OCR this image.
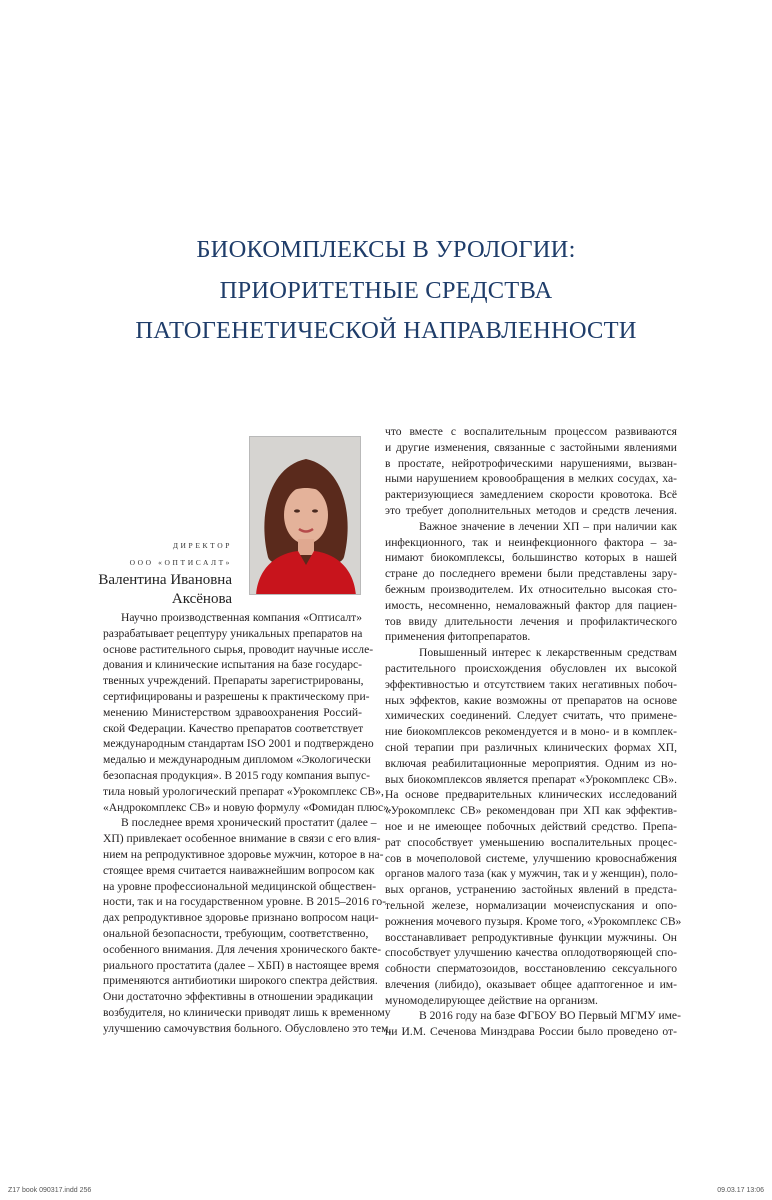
БИОКОМПЛЕКСЫ В УРОЛОГИИ:
ПРИОРИТЕТНЫЕ СРЕДСТВА
ПАТОГЕНЕТИЧЕСКОЙ НАПРАВЛЕННОСТИ
ДИРЕКТОР
ООО «ОПТИСАЛТ»
Валентина Ивановна
Аксёнова
Научно производственная компания «Оптисалт»
разрабатывает рецептуру уникальных препаратов на
основе растительного сырья, проводит научные иссле-
дования и клинические испытания на базе государс-
твенных учреждений. Препараты зарегистрированы,
сертифицированы и разрешены к практическому при-
менению Министерством здравоохранения Россий-
ской Федерации. Качество препаратов соответствует
международным стандартам ISO 2001 и подтверждено
медалью и международным дипломом «Экологически
безопасная продукция». В 2015 году компания выпус-
тила новый урологический препарат «Урокомплекс СВ»,
«Андрокомплекс СВ» и новую формулу «Фомидан плюс».
В последнее время хронический простатит (далее –
ХП) привлекает особенное внимание в связи с его влия-
нием на репродуктивное здоровье мужчин, которое в на-
стоящее время считается наиважнейшим вопросом как
на уровне профессиональной медицинской обществен-
ности, так и на государственном уровне. В 2015–2016 го-
дах репродуктивное здоровье признано вопросом наци-
ональной безопасности, требующим, соответственно,
особенного внимания. Для лечения хронического бакте-
риального простатита (далее – ХБП) в настоящее время
применяются антибиотики широкого спектра действия.
Они достаточно эффективны в отношении эрадикации
возбудителя, но клинически приводят лишь к временному
улучшению самочувствия больного. Обусловлено это тем,
что вместе с воспалительным процессом развиваются
и другие изменения, связанные с застойными явлениями
в простате, нейротрофическими нарушениями, вызван-
ными нарушением кровообращения в мелких сосудах, ха-
рактеризующиеся замедлением скорости кровотока. Всё
это требует дополнительных методов и средств лечения.
Важное значение в лечении ХП – при наличии как
инфекционного, так и неинфекционного фактора – за-
нимают биокомплексы, большинство которых в нашей
стране до последнего времени были представлены зару-
бежным производителем. Их относительно высокая сто-
имость, несомненно, немаловажный фактор для пациен-
тов ввиду длительности лечения и профилактического
применения фитопрепаратов.
Повышенный интерес к лекарственным средствам
растительного происхождения обусловлен их высокой
эффективностью и отсутствием таких негативных побоч-
ных эффектов, какие возможны от препаратов на основе
химических соединений. Следует считать, что примене-
ние биокомплексов рекомендуется и в моно- и в комплек-
сной терапии при различных клинических формах ХП,
включая реабилитационные мероприятия. Одним из но-
вых биокомплексов является препарат «Урокомплекс СВ».
На основе предварительных клинических исследований
«Урокомплекс СВ» рекомендован при ХП как эффектив-
ное и не имеющее побочных действий средство. Препа-
рат способствует уменьшению воспалительных процес-
сов в мочеполовой системе, улучшению кровоснабжения
органов малого таза (как у мужчин, так и у женщин), поло-
вых органов, устранению застойных явлений в предста-
тельной железе, нормализации мочеиспускания и опо-
рожнения мочевого пузыря. Кроме того, «Урокомплекс СВ»
восстанавливает репродуктивные функции мужчины. Он
способствует улучшению качества оплодотворяющей спо-
собности сперматозоидов, восстановлению сексуального
влечения (либидо), оказывает общее адаптогенное и им-
муномоделирующее действие на организм.
В 2016 году на базе ФГБОУ ВО Первый МГМУ име-
ни И.М. Сеченова Минздрава России было проведено от-
Z17 book 090317.indd 256	09.03.17 13:06
